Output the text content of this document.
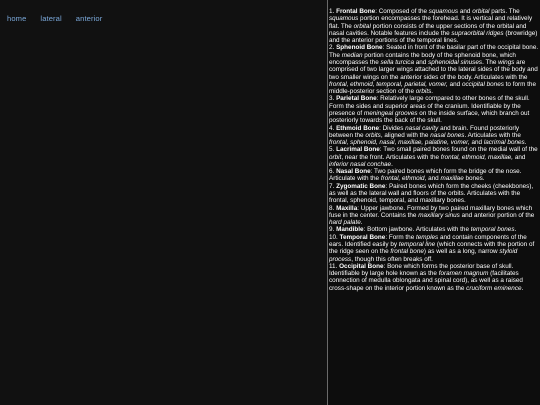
home lateral anterior

1. Frontal Bone: Composed of the squamous and orbital parts. The squamous portion encompasses the forehead. It is vertical and relatively flat. The orbital portion consists of the upper sections of the orbital and nasal cavities. Notable features include the supraorbital ridges (browridge) and the anterior portions of the temporal lines.

2. Sphenoid Bone: Seated in front of the basilar part of the occipital bone. The median portion contains the body of the sphenoid bone, which encompasses the sella turcica and sphenoidal sinuses. The wings are comprised of two larger wings attached to the lateral sides of the body and two smaller wings on the anterior sides of the body. Articulates with the frontal, ethmoid, temporal, parietal, vomer, and occipital bones to form the middle-posterior section of the orbits.

3. Parietal Bone: Relatively large compared to other bones of the skull. Form the sides and superior areas of the cranium. Identifiable by the presence of meningeal grooves on the inside surface, which branch out posteriorly towards the back of the skull.

4. Ethmoid Bone: Divides nasal cavity and brain. Found posteriorly between the orbits, aligned with the nasal bones. Articulates with the frontal, sphenoid, nasal, maxillae, palatine, vomer, and lacrimal bones.

5. Lacrimal Bone: Two small paired bones found on the medial wall of the orbit, near the front. Articulates with the frontal, ethmoid, maxillae, and inferior nasal conchae.

6. Nasal Bone: Two paired bones which form the bridge of the nose. Articulate with the frontal, ethmoid, and maxillae bones.

7. Zygomatic Bone: Paired bones which form the cheeks (cheekbones), as well as the lateral wall and floors of the orbits. Articulates with the frontal, sphenoid, temporal, and maxillary bones.

8. Maxilla: Upper jawbone. Formed by two paired maxillary bones which fuse in the center. Contains the maxillary sinus and anterior portion of the hard palate.

9. Mandible: Bottom jawbone. Articulates with the temporal bones.

10. Temporal Bone: Form the temples and contain components of the ears. Identified easily by temporal line (which connects with the portion of the ridge seen on the frontal bone) as well as a long, narrow styloid process, though this often breaks off.

11. Occipital Bone: Bone which forms the posterior base of skull. Identifiable by large hole known as the foramen magnum (facilitates connection of medulla oblongata and spinal cord), as well as a raised cross-shape on the interior portion known as the cruciform eminence.
